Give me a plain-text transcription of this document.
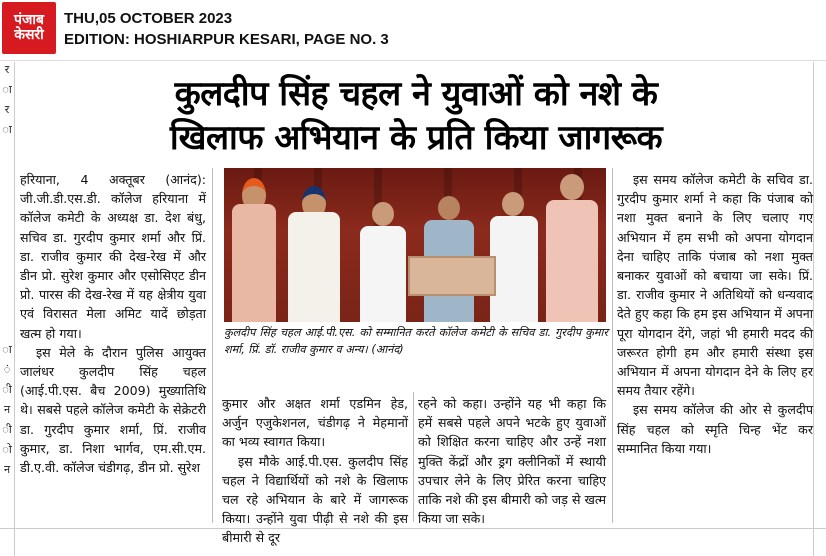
पंजाब
केसरी
THU,05 OCTOBER 2023
EDITION: HOSHIARPUR KESARI, PAGE NO. 3
र
ा
र
ा
ा
ं
ी
न
ी
ो
न
कुलदीप सिंह चहल ने युवाओं को नशे के
खिलाफ अभियान के प्रति किया जागरूक

हरियाना, 4 अक्तूबर (आनंद): जी.जी.डी.एस.डी. कॉलेज हरियाना में कॉलेज कमेटी के अध्यक्ष डा. देश बंधु, सचिव डा. गुरदीप कुमार शर्मा और प्रिं. डा. राजीव कुमार की देख-रेख में और डीन प्रो. सुरेश कुमार और एसोसिएट डीन प्रो. पारस की देख-रेख में यह क्षेत्रीय युवा एवं विरासत मेला अमिट यादें छोड़ता खत्म हो गया।

इस मेले के दौरान पुलिस आयुक्त जालंधर कुलदीप सिंह चहल (आई.पी.एस. बैच 2009) मुख्यातिथि थे। सबसे पहले कॉलेज कमेटी के सेक्रेटरी डा. गुरदीप कुमार शर्मा, प्रिं. राजीव कुमार, डा. निशा भार्गव, एम.सी.एम. डी.ए.वी. कॉलेज चंडीगढ़, डीन प्रो. सुरेश

कुलदीप सिंह चहल आई.पी.एस. को सम्मानित करते कॉलेज कमेटी के सचिव डा. गुरदीप कुमार शर्मा, प्रिं. डॉ. राजीव कुमार व अन्य। (आनंद)

कुमार और अक्षत शर्मा एडमिन हेड, अर्जुन एजुकेशनल, चंडीगढ़ ने मेहमानों का भव्य स्वागत किया।

इस मौके आई.पी.एस. कुलदीप सिंह चहल ने विद्यार्थियों को नशे के खिलाफ चल रहे अभियान के बारे में जागरूक किया। उन्होंने युवा पीढ़ी से नशे की इस बीमारी से दूर

रहने को कहा। उन्होंने यह भी कहा कि हमें सबसे पहले अपने भटके हुए युवाओं को शिक्षित करना चाहिए और उन्हें नशा मुक्ति केंद्रों और ड्रग क्लीनिकों में स्थायी उपचार लेने के लिए प्रेरित करना चाहिए ताकि नशे की इस बीमारी को जड़ से खत्म किया जा सके।

इस समय कॉलेज कमेटी के सचिव डा. गुरदीप कुमार शर्मा ने कहा कि पंजाब को नशा मुक्त बनाने के लिए चलाए गए अभियान में हम सभी को अपना योगदान देना चाहिए ताकि पंजाब को नशा मुक्त बनाकर युवाओं को बचाया जा सके। प्रिं. डा. राजीव कुमार ने अतिथियों को धन्यवाद देते हुए कहा कि हम इस अभियान में अपना पूरा योगदान देंगे, जहां भी हमारी मदद की जरूरत होगी हम और हमारी संस्था इस अभियान में अपना योगदान देने के लिए हर समय तैयार रहेंगे।

इस समय कॉलेज की ओर से कुलदीप सिंह चहल को स्मृति चिन्ह भेंट कर सम्मानित किया गया।
